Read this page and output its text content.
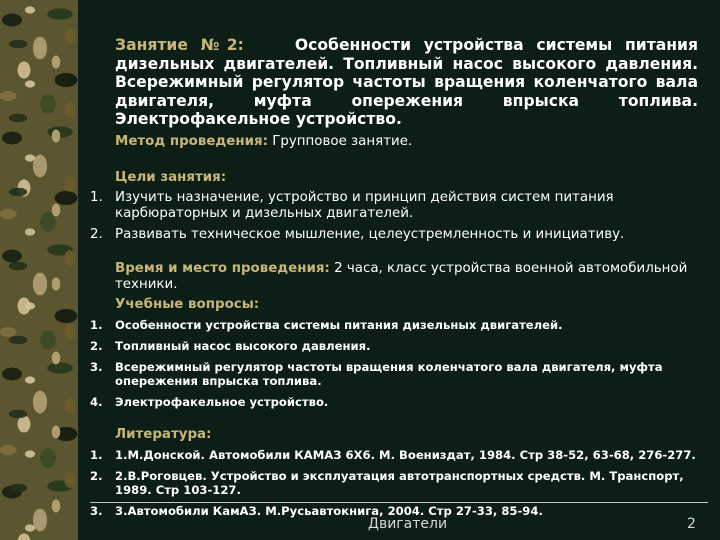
Занятие №2:	Особенности устройства системы питания дизельных двигателей. Топливный насос высокого давления. Всережимный регулятор частоты вращения коленчатого вала двигателя, муфта опережения впрыска топлива. Электрофакельное устройство.

Метод проведения: Групповое занятие.
Цели занятия:
1. Изучить назначение, устройство и принцип действия систем питания карбюраторных и дизельных двигателей.
2. Развивать техническое мышление, целеустремленность и инициативу.
Время и место проведения: 2 часа, класс устройства военной автомобильной техники.
Учебные вопросы:
1. Особенности устройства системы питания дизельных двигателей.
2. Топливный насос высокого давления.
3. Всережимный регулятор частоты вращения коленчатого вала двигателя, муфта опережения впрыска топлива.
4. Электрофакельное устройство.
Литература:
1. 1.М.Донской. Автомобили КАМАЗ 6Х6. М. Воениздат, 1984. Стр 38-52, 63-68, 276-277.
2. 2.В.Роговцев. Устройство и эксплуатация автотранспортных средств. М. Транспорт, 1989. Стр 103-127.
3. 3.Автомобили КамАЗ. М.Русьавтокнига, 2004. Стр 27-33, 85-94.
Двигатели	2
